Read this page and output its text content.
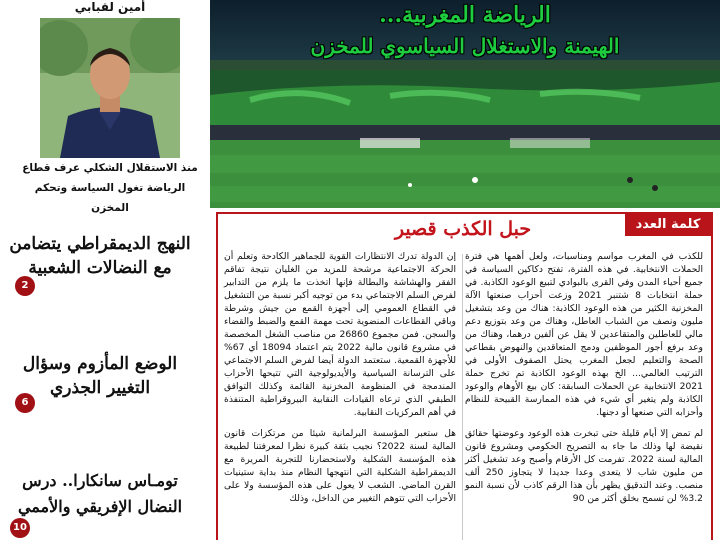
أمين لقبابي
منذ الاستقلال الشكلي عرف قطاع الرياضة تغول السياسة وتحكم المخزن
النهج الديمقراطي يتضامن مع النضالات الشعبية
2
الوضع المأزوم وسؤال التغيير الجذري
6
تومـاس سانكارا.. درس النضال الإفريقي والأممي
10
الرياضة المغربية...
الهيمنة والاستغلال السياسوي للمخزن
كلمة العدد
حبل الكذب قصير

للكذب في المغرب مواسم ومناسبات، ولعل أهمها هي فترة الحملات الانتخابية. في هذه الفترة، تفتح دكاكين السياسة في جميع أحياء المدن وفي القرى بالبوادي لتبيع الوعود الكاذبة. في حملة انتخابات 8 شتنبر 2021 وزعت أحزاب صنعتها الآلة المخزنية الكثير من هذه الوعود الكاذبة: هناك من وعد بتشغيل مليون ونصف من الشباب العاطل، وهناك من وعد بتوزيع دعم مالي للعاطلين والمتقاعدين لا يقل عن ألفين درهما، وهناك من وعد برفع أجور الموظفين ودمج المتعاقدين والنهوض بقطاعي الصحة والتعليم لجعل المغرب يحتل الصفوف الأولى في الترتيب العالمي... الخ بهذه الوعود الكاذبة تم تخرج حملة 2021 الانتخابية عن الحملات السابقة: كان بيع الأوهام والوعود الكاذبة ولم يتغير أي شيء في هذه الممارسة القبيحة للنظام وأحزابه التي صنعها أو دجنها.

لم تمض إلا أيام قليلة حتى تبخرت هذه الوعود وعوضتها حقائق نقيضة لها وذلك ما جاء به التصريح الحكومي ومشروع قانون المالية لسنة 2022. تفرمت كل الأرقام وأصبح وعد تشغيل أكثر من مليون شاب لا يتعدى وعدا جديدا لا يتجاوز 250 ألف منصب. وعند التدقيق يظهر بأن هذا الرقم كاذب لأن نسبة النمو 3.2% لن تسمح بخلق أكثر من 90

إن الدولة تدرك الانتظارات القوية للجماهير الكادحة وتعلم أن الحركة الاجتماعية مرشحة للمزيد من الغليان نتيجة تفاقم الفقر والهشاشة والبطالة فإنها اتخذت ما يلزم من التدابير لفرض السلم الاجتماعي بدء من توجيه أكبر نسبة من التشغيل في القطاع العمومي إلى أجهزة القمع من جيش وشرطة وباقي القطاعات المنضوية تحت مهمة القمع والضبط والقضاء والسجن. فمن مجموع 26860 من مناصب الشغل المخصصة في مشروع قانون مالية 2022 يتم اعتماد 18094 أي 67% للأجهزة القمعية. ستعتمد الدولة أيضا لفرض السلم الاجتماعي على الترسانة السياسية والأيديولوجية التي تتيحها الأحزاب المندمجة في المنظومة المخزنية القائمة وكذلك التوافق الطبقي الذي ترعاه القيادات النقابية البيروقراطية المتنفذة في أهم المركزيات النقابية.

هل ستعبر المؤسسة البرلمانية شيئا من مرتكزات قانون المالية لسنة 2022؟ نجيب بثقة كبيرة نظرا لمعرفتنا لطبيعة هذه المؤسسة الشكلية ولاستحضارنا للتجربة المريرة مع الديمقراطية الشكلية التي انتهجها النظام منذ بداية ستينيات القرن الماضي. الشعب لا يعول على هذه المؤسسة ولا على الأحزاب التي تتوهم التغيير من الداخل، وذلك
